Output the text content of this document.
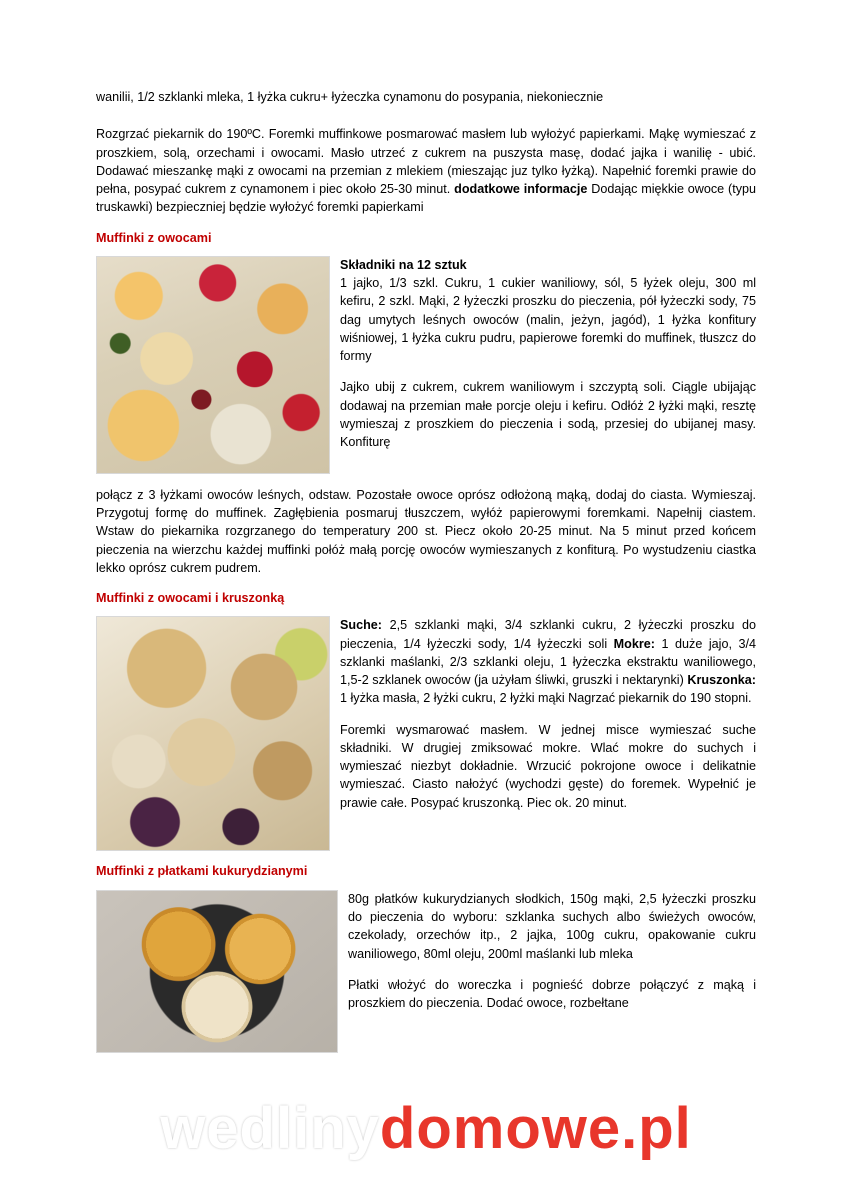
wanilii, 1/2 szklanki mleka, 1 łyżka cukru+ łyżeczka cynamonu do posypania, niekoniecznie

Rozgrzać piekarnik do 190ºC. Foremki muffinkowe posmarować masłem lub wyłożyć papierkami. Mąkę wymieszać z proszkiem, solą, orzechami i owocami. Masło utrzeć z cukrem na puszysta masę, dodać jajka i wanilię - ubić. Dodawać mieszankę mąki z owocami na przemian z mlekiem (mieszając juz tylko łyżką). Napełnić foremki prawie do pełna, posypać cukrem z cynamonem i piec około 25-30 minut. dodatkowe informacje Dodając miękkie owoce (typu truskawki) bezpieczniej będzie wyłożyć foremki papierkami

Muffinki z owocami

Składniki na 12 sztuk
1 jajko, 1/3 szkl. Cukru, 1 cukier waniliowy, sól, 5 łyżek oleju, 300 ml kefiru, 2 szkl. Mąki, 2 łyżeczki proszku do pieczenia, pół łyżeczki sody, 75 dag umytych leśnych owoców (malin, jeżyn, jagód), 1 łyżka konfitury wiśniowej, 1 łyżka cukru pudru, papierowe foremki do muffinek, tłuszcz do formy

Jajko ubij z cukrem, cukrem waniliowym i szczyptą soli. Ciągle ubijając dodawaj na przemian małe porcje oleju i kefiru. Odłóż 2 łyżki mąki, resztę wymieszaj z proszkiem do pieczenia i sodą, przesiej do ubijanej masy. Konfiturę

połącz z 3 łyżkami owoców leśnych, odstaw. Pozostałe owoce oprósz odłożoną mąką, dodaj do ciasta. Wymieszaj. Przygotuj formę do muffinek. Zagłębienia posmaruj tłuszczem, wyłóż papierowymi foremkami. Napełnij ciastem. Wstaw do piekarnika rozgrzanego do temperatury 200 st. Piecz około 20-25 minut. Na 5 minut przed końcem pieczenia na wierzchu każdej muffinki połóż małą porcję owoców wymieszanych z konfiturą. Po wystudzeniu ciastka lekko oprósz cukrem pudrem.

Muffinki z owocami i kruszonką

Suche: 2,5 szklanki mąki, 3/4 szklanki cukru, 2 łyżeczki proszku do pieczenia, 1/4 łyżeczki sody, 1/4 łyżeczki soli Mokre: 1 duże jajo, 3/4 szklanki maślanki, 2/3 szklanki oleju, 1 łyżeczka ekstraktu waniliowego, 1,5-2 szklanek owoców (ja użyłam śliwki, gruszki i nektarynki) Kruszonka: 1 łyżka masła, 2 łyżki cukru, 2 łyżki mąki Nagrzać piekarnik do 190 stopni.

Foremki wysmarować masłem. W jednej misce wymieszać suche składniki. W drugiej zmiksować mokre. Wlać mokre do suchych i wymieszać niezbyt dokładnie. Wrzucić pokrojone owoce i delikatnie wymieszać. Ciasto nałożyć (wychodzi gęste) do foremek. Wypełnić je prawie całe. Posypać kruszonką. Piec ok. 20 minut.

Muffinki z płatkami kukurydzianymi

80g płatków kukurydzianych słodkich, 150g mąki, 2,5 łyżeczki proszku do pieczenia do wyboru: szklanka suchych albo świeżych owoców, czekolady, orzechów itp., 2 jajka, 100g cukru, opakowanie cukru waniliowego, 80ml oleju, 200ml maślanki lub mleka

Płatki włożyć do woreczka i pognieść dobrze połączyć z mąką i proszkiem do pieczenia. Dodać owoce, rozbełtane

wedlinydomowe.pl
